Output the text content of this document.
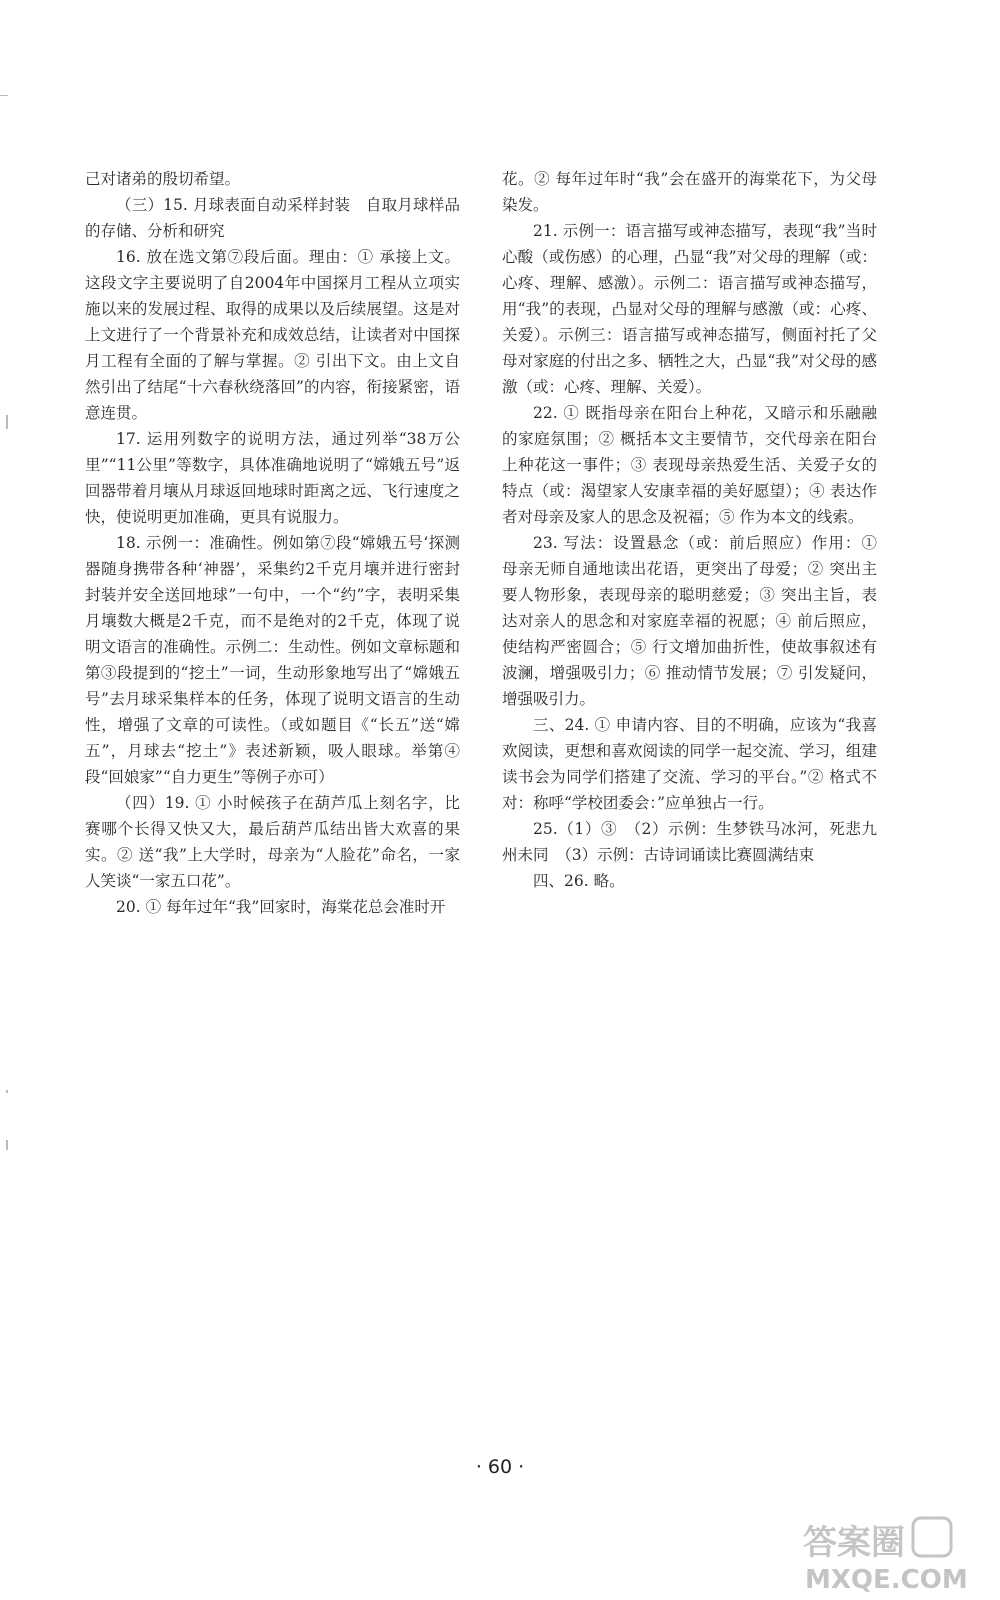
己对诸弟的殷切希望。

（三）15. 月球表面自动采样封装　自取月球样品的存储、分析和研究

16. 放在选文第⑦段后面。理由：① 承接上文。这段文字主要说明了自2004年中国探月工程从立项实施以来的发展过程、取得的成果以及后续展望。这是对上文进行了一个背景补充和成效总结，让读者对中国探月工程有全面的了解与掌握。② 引出下文。由上文自然引出了结尾“十六春秋绕落回”的内容，衔接紧密，语意连贯。

17. 运用列数字的说明方法，通过列举“38万公里”“11公里”等数字，具体准确地说明了“嫦娥五号”返回器带着月壤从月球返回地球时距离之远、飞行速度之快，使说明更加准确，更具有说服力。

18. 示例一：准确性。例如第⑦段“嫦娥五号‘探测器随身携带各种‘神器’，采集约2千克月壤并进行密封封装并安全送回地球”一句中，一个“约”字，表明采集月壤数大概是2千克，而不是绝对的2千克，体现了说明文语言的准确性。示例二：生动性。例如文章标题和第③段提到的“挖土”一词，生动形象地写出了“嫦娥五号”去月球采集样本的任务，体现了说明文语言的生动性，增强了文章的可读性。（或如题目《“长五”送“嫦五”，月球去“挖土”》表述新颖，吸人眼球。举第④段“回娘家”“自力更生”等例子亦可）

（四）19. ① 小时候孩子在葫芦瓜上刻名字，比赛哪个长得又快又大，最后葫芦瓜结出皆大欢喜的果实。② 送“我”上大学时，母亲为“人脸花”命名，一家人笑谈“一家五口花”。

20. ① 每年过年“我”回家时，海棠花总会准时开

花。② 每年过年时“我”会在盛开的海棠花下，为父母染发。

21. 示例一：语言描写或神态描写，表现“我”当时心酸（或伤感）的心理，凸显“我”对父母的理解（或：心疼、理解、感激）。示例二：语言描写或神态描写，用“我”的表现，凸显对父母的理解与感激（或：心疼、关爱）。示例三：语言描写或神态描写，侧面衬托了父母对家庭的付出之多、牺牲之大，凸显“我”对父母的感激（或：心疼、理解、关爱）。

22. ① 既指母亲在阳台上种花，又暗示和乐融融的家庭氛围；② 概括本文主要情节，交代母亲在阳台上种花这一事件；③ 表现母亲热爱生活、关爱子女的特点（或：渴望家人安康幸福的美好愿望）；④ 表达作者对母亲及家人的思念及祝福；⑤ 作为本文的线索。

23. 写法：设置悬念（或：前后照应）作用：① 母亲无师自通地读出花语，更突出了母爱；② 突出主要人物形象，表现母亲的聪明慈爱；③ 突出主旨，表达对亲人的思念和对家庭幸福的祝愿；④ 前后照应，使结构严密圆合；⑤ 行文增加曲折性，使故事叙述有波澜，增强吸引力；⑥ 推动情节发展；⑦ 引发疑问，增强吸引力。

三、24. ① 申请内容、目的不明确，应该为“我喜欢阅读，更想和喜欢阅读的同学一起交流、学习，组建读书会为同学们搭建了交流、学习的平台。”② 格式不对：称呼“学校团委会：”应单独占一行。

25.（1）③　（2）示例：生梦铁马冰河，死悲九州未同　（3）示例：古诗词诵读比赛圆满结束

四、26. 略。

· 60 ·
答案圈
MXQE.COM
